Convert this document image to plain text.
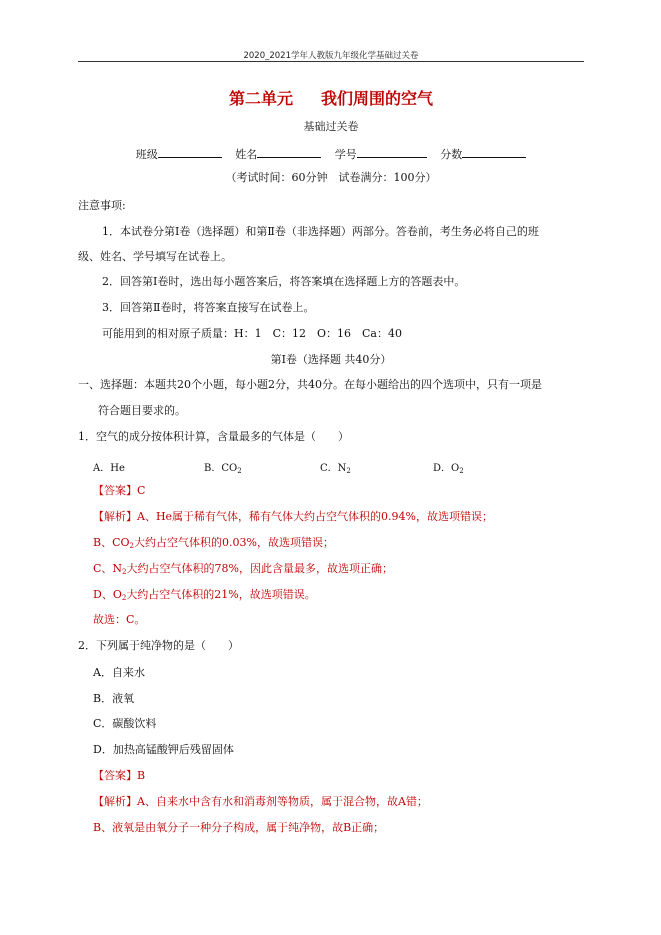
2020_2021学年人教版九年级化学基础过关卷
第二单元 我们周围的空气
基础过关卷
班级	姓名	学号	分数
（考试时间：60分钟　试卷满分：100分）
注意事项:
1．本试卷分第Ⅰ卷（选择题）和第Ⅱ卷（非选择题）两部分。答卷前，考生务必将自己的班
级、姓名、学号填写在试卷上。
2．回答第Ⅰ卷时，选出每小题答案后，将答案填在选择题上方的答题表中。
3．回答第Ⅱ卷时，将答案直接写在试卷上。
可能用到的相对原子质量：H：1　C：12　O：16　Ca：40
第Ⅰ卷（选择题 共40分）
一、选择题：本题共20个小题，每小题2分，共40分。在每小题给出的四个选项中，只有一项是
符合题目要求的。
1．空气的成分按体积计算，含量最多的气体是（　　）
A．He	B．$CO_2$	C．$N_2$	D．$O_2$
【答案】C
【解析】A、He属于稀有气体，稀有气体大约占空气体积的0.94%，故选项错误；
B、$CO_2$大约占空气体积的0.03%，故选项错误；
C、$N_2$大约占空气体积的78%，因此含量最多，故选项正确；
D、$O_2$大约占空气体积的21%，故选项错误。
故选：C。
2．下列属于纯净物的是（　　）
A．自来水
B．液氧
C．碳酸饮料
D．加热高锰酸钾后残留固体
【答案】B
【解析】A、自来水中含有水和消毒剂等物质，属于混合物，故A错；
B、液氧是由氧分子一种分子构成，属于纯净物，故B正确；
